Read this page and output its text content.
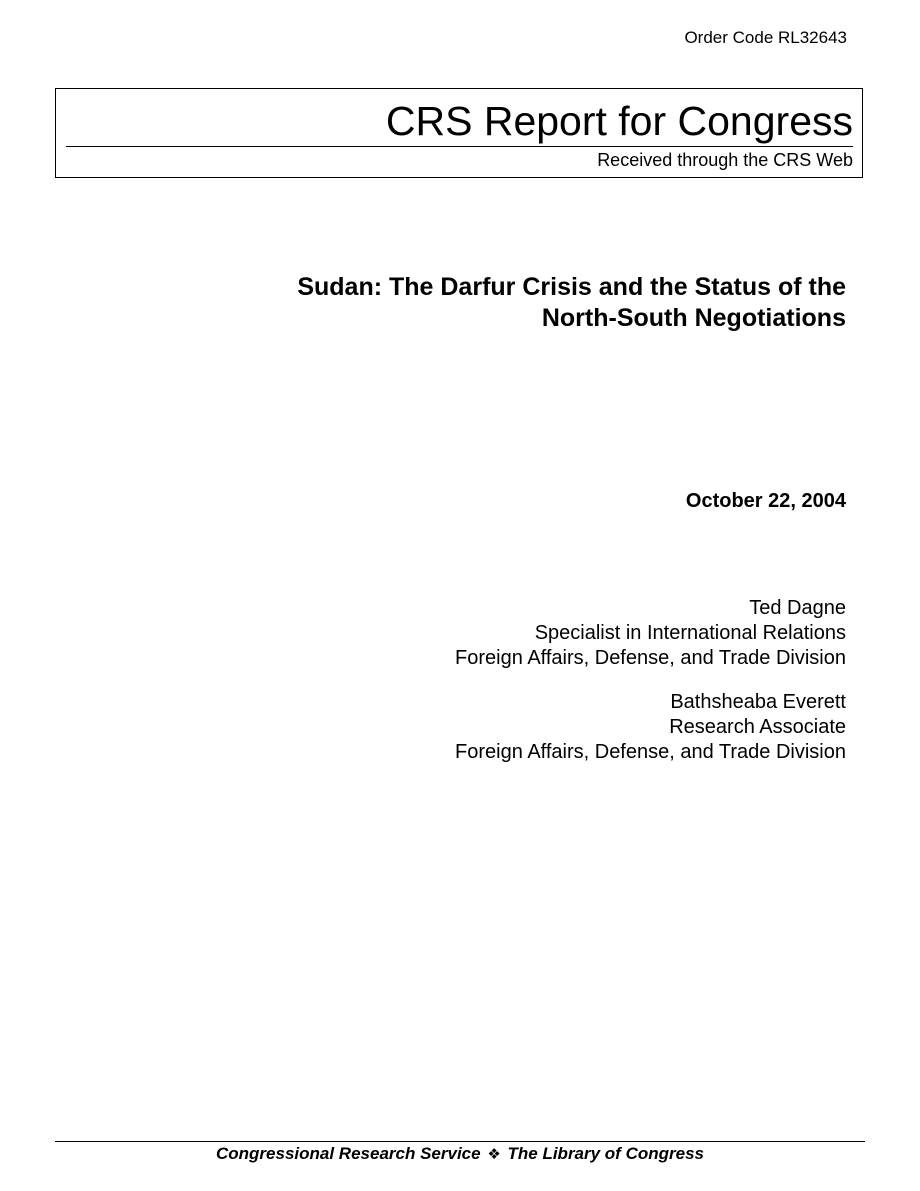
Order Code RL32643
CRS Report for Congress
Received through the CRS Web
Sudan: The Darfur Crisis and the Status of the
North-South Negotiations
October 22, 2004
Ted Dagne
Specialist in International Relations
Foreign Affairs, Defense, and Trade Division
Bathsheaba Everett
Research Associate
Foreign Affairs, Defense, and Trade Division
Congressional Research Service ❖ The Library of Congress
